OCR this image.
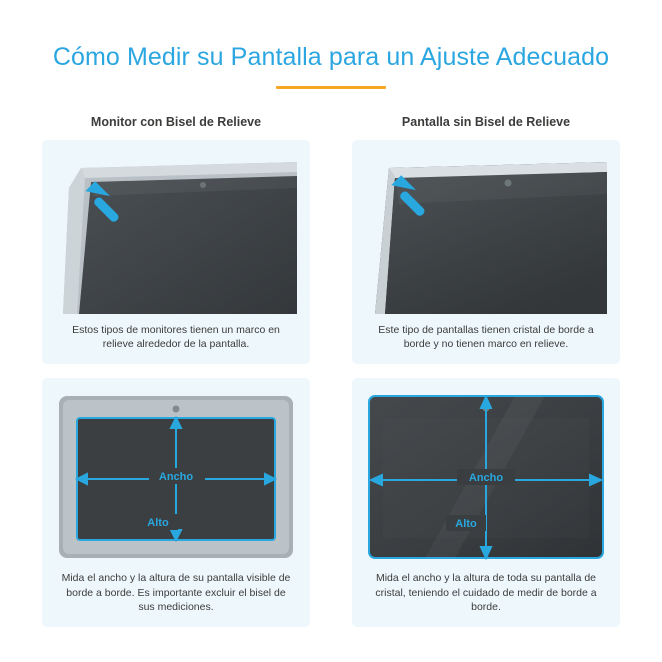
Cómo Medir su Pantalla para un Ajuste Adecuado
Monitor con Bisel de Relieve
Estos tipos de monitores tienen un marco en relieve alrededor de la pantalla.
Ancho
Alto
Mida el ancho y la altura de su pantalla visible de borde a borde. Es importante excluir el bisel de sus mediciones.
Pantalla sin Bisel de Relieve
Este tipo de pantallas tienen cristal de borde a borde y no tienen marco en relieve.
Ancho
Alto
Mida el ancho y la altura de toda su pantalla de cristal, teniendo el cuidado de medir de borde a borde.
